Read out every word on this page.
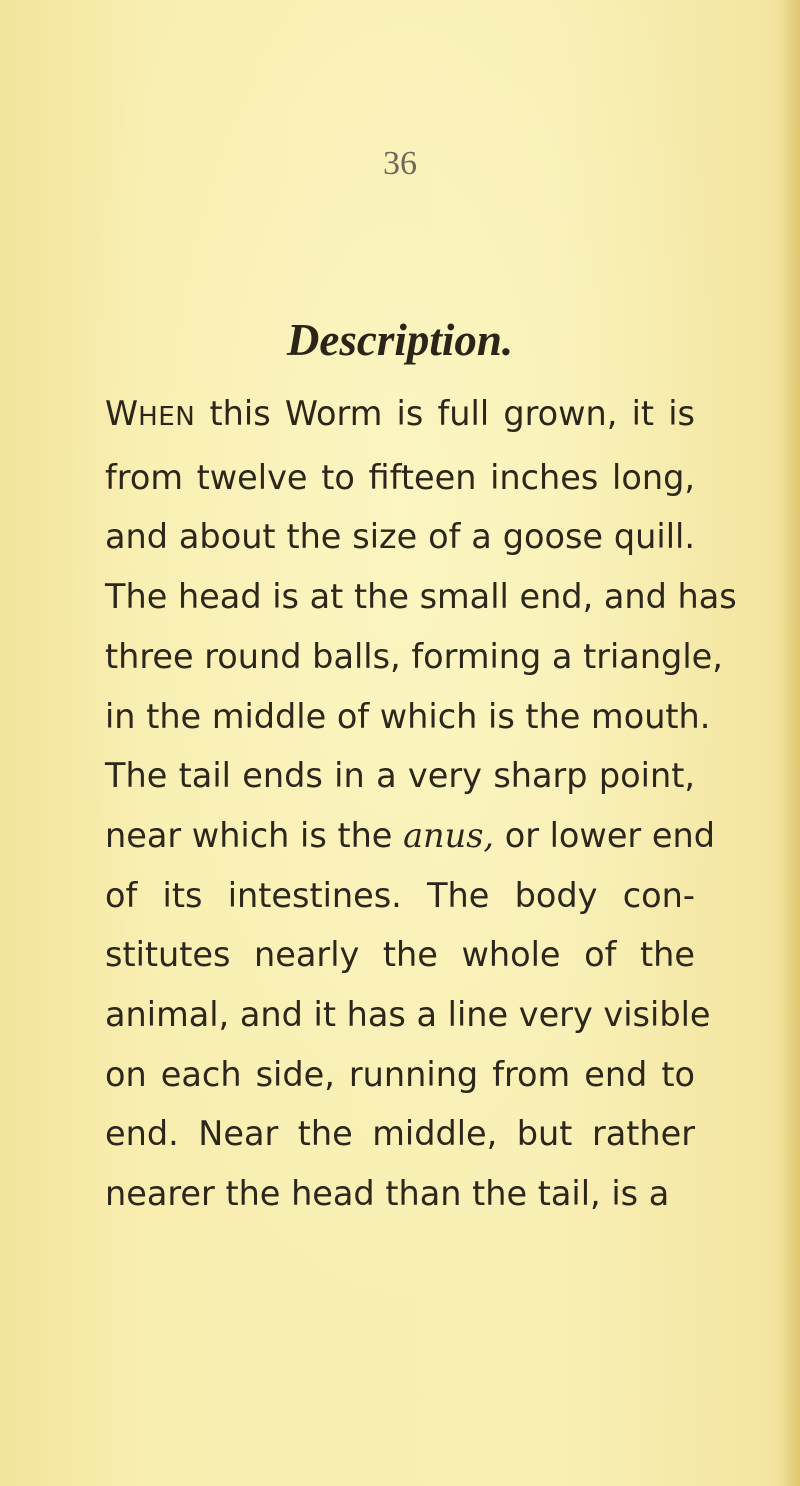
36
Description.

WHEN this Worm is full grown, it is
from twelve to fifteen inches long,
and about the size of a goose quill.
The head is at the small end, and has
three round balls, forming a triangle,
in the middle of which is the mouth.
The tail ends in a very sharp point,
near which is the anus, or lower end
of its intestines. The body con-
stitutes nearly the whole of the
animal, and it has a line very visible
on each side, running from end to
end. Near the middle, but rather
nearer the head than the tail, is a
